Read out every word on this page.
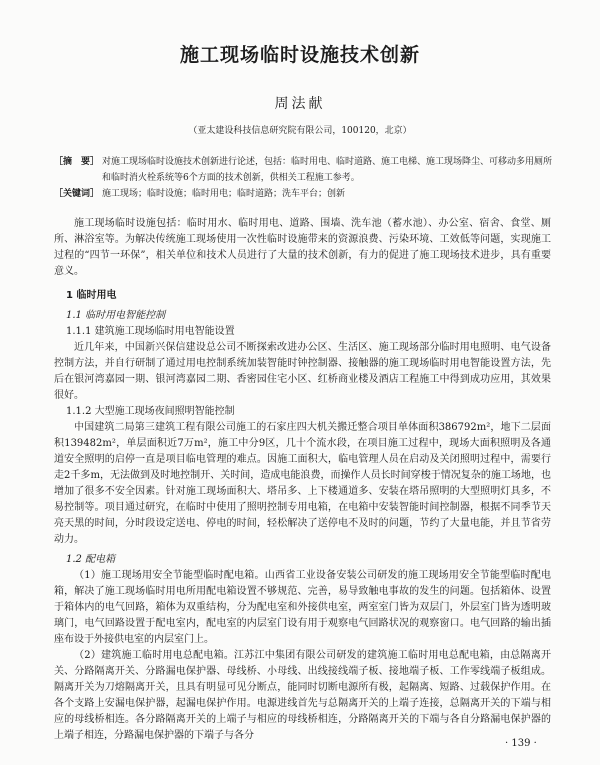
施工现场临时设施技术创新
周法献
（亚太建设科技信息研究院有限公司，100120，北京）
［摘　要］ 对施工现场临时设施技术创新进行论述，包括：临时用电、临时道路、施工电梯、施工现场降尘、可移动多用厕所和临时消火栓系统等6个方面的技术创新，供相关工程施工参考。
［关键词］ 施工现场；临时设施；临时用电；临时道路；洗车平台；创新

施工现场临时设施包括：临时用水、临时用电、道路、围墙、洗车池（蓄水池）、办公室、宿舍、食堂、厕所、淋浴室等。为解决传统施工现场使用一次性临时设施带来的资源浪费、污染环境、工效低等问题，实现施工过程的“四节一环保”，相关单位和技术人员进行了大量的技术创新，有力的促进了施工现场技术进步，具有重要意义。

1 临时用电
1.1 临时用电智能控制
1.1.1 建筑施工现场临时用电智能设置

近几年来，中国新兴保信建设总公司不断探索改进办公区、生活区、施工现场部分临时用电照明、电气设备控制方法，并自行研制了通过用电控制系统加装智能时钟控制器、接触器的施工现场临时用电智能设置方法，先后在银河湾嘉园一期、银河湾嘉园二期、香密园住宅小区、红桥商业楼及酒店工程施工中得到成功应用，其效果很好。

1.1.2 大型施工现场夜间照明智能控制

中国建筑二局第三建筑工程有限公司施工的石家庄四大机关搬迁整合项目单体面积386792m²，地下二层面积139482m²，单层面积近7万m²，施工中分9区，几十个流水段，在项目施工过程中，现场大面积照明及各通道安全照明的启停一直是项目临电管理的难点。因施工面积大，临电管理人员在启动及关闭照明过程中，需要行走2千多m，无法做到及时地控制开、关时间，造成电能浪费，而操作人员长时间穿梭于情况复杂的施工场地，也增加了很多不安全因素。针对施工现场面积大、塔吊多、上下楼通道多、安装在塔吊照明的大型照明灯具多，不易控制等。项目通过研究，在临时中使用了照明控制专用电箱，在电箱中安装智能时间控制器，根据不同季节天亮天黑的时间，分时段设定送电、停电的时间，轻松解决了送停电不及时的问题，节约了大量电能，并且节省劳动力。

1.2 配电箱

（1）施工现场用安全节能型临时配电箱。山西省工业设备安装公司研发的施工现场用安全节能型临时配电箱，解决了施工现场临时用电所用配电箱设置不够规范、完善，易导致触电事故的发生的问题。包括箱体、设置于箱体内的电气回路，箱体为双重结构，分为配电室和外接供电室，两室室门皆为双层门，外层室门皆为透明玻璃门，电气回路设置于配电室内，配电室的内层室门设有用于观察电气回路状况的观察窗口。电气回路的输出插座布设于外接供电室的内层室门上。

（2）建筑施工临时用电总配电箱。江苏江中集团有限公司研发的建筑施工临时用电总配电箱，由总隔离开关、分路隔离开关、分路漏电保护器、母线桥、小母线、出线接线端子板、接地端子板、工作零线端子板组成。隔离开关为刀熔隔离开关，且具有明显可见分断点，能同时切断电源所有极，起隔离、短路、过载保护作用。在各个支路上安漏电保护器，起漏电保护作用。电源进线首先与总隔离开关的上端子连接，总隔离开关的下端与相应的母线桥相连。各分路隔离开关的上端子与相应的母线桥相连，分路隔离开关的下端与各自分路漏电保护器的上端子相连，分路漏电保护器的下端子与各分

· 139 ·
